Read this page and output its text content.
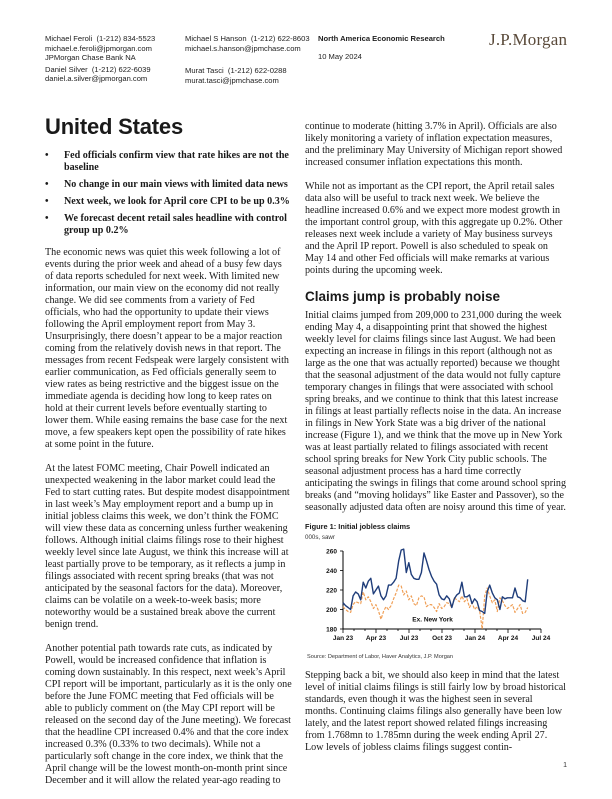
Michael Feroli (1-212) 834-5523
michael.e.feroli@jpmorgan.com
JPMorgan Chase Bank NA
Daniel Silver (1-212) 622-6039
daniel.a.silver@jpmorgan.com
Michael S Hanson (1-212) 622-8603
michael.s.hanson@jpmchase.com
Murat Tasci (1-212) 622-0288
murat.tasci@jpmchase.com
North America Economic Research
10 May 2024
J.P.Morgan
United States
• Fed officials confirm view that rate hikes are not the baseline
• No change in our main views with limited data news
• Next week, we look for April core CPI to be up 0.3%
• We forecast decent retail sales headline with control group up 0.2%

The economic news was quiet this week following a lot of events during the prior week and ahead of a busy few days of data reports scheduled for next week. With limited new information, our main view on the economy did not really change. We did see comments from a variety of Fed officials, who had the opportunity to update their views following the April employment report from May 3. Unsurprisingly, there doesn’t appear to be a major reaction coming from the relatively dovish news in that report. The messages from recent Fedspeak were largely consistent with earlier communication, as Fed officials generally seem to view rates as being restrictive and the biggest issue on the immediate agenda is deciding how long to keep rates on hold at their current levels before eventually starting to lower them. While easing remains the base case for the next move, a few speakers kept open the possibility of rate hikes at some point in the future.

At the latest FOMC meeting, Chair Powell indicated an unexpected weakening in the labor market could lead the Fed to start cutting rates. But despite modest disappointment in last week’s May employment report and a bump up in initial jobless claims this week, we don’t think the FOMC will view these data as concerning unless further weakening follows. Although initial claims filings rose to their highest weekly level since late August, we think this increase will at least partially prove to be temporary, as it reflects a jump in filings associated with recent spring breaks (that was not anticipated by the seasonal factors for the data). Moreover, claims can be volatile on a week-to-week basis; more noteworthy would be a sustained break above the current benign trend.

Another potential path towards rate cuts, as indicated by Powell, would be increased confidence that inflation is coming down sustainably. In this respect, next week’s April CPI report will be important, particularly as it is the only one before the June FOMC meeting that Fed officials will be able to publicly comment on (the May CPI report will be released on the second day of the June meeting). We forecast that the headline CPI increased 0.4% and that the core index increased 0.3% (0.33% to two decimals). While not a particularly soft change in the core index, we think that the April change will be the lowest month-on-month print since December and it will allow the related year-ago reading to

continue to moderate (hitting 3.7% in April). Officials are also likely monitoring a variety of inflation expectation measures, and the preliminary May University of Michigan report showed increased consumer inflation expectations this month.

While not as important as the CPI report, the April retail sales data also will be useful to track next week. We believe the headline increased 0.6% and we expect more modest growth in the important control group, with this aggregate up 0.2%. Other releases next week include a variety of May business surveys and the April IP report. Powell is also scheduled to speak on May 14 and other Fed officials will make remarks at various points during the upcoming week.

Claims jump is probably noise

Initial claims jumped from 209,000 to 231,000 during the week ending May 4, a disappointing print that showed the highest weekly level for claims filings since last August. We had been expecting an increase in filings in this report (although not as large as the one that was actually reported) because we thought that the seasonal adjustment of the data would not fully capture temporary changes in filings that were associated with school spring breaks, and we continue to think that this latest increase in filings at least partially reflects noise in the data. An increase in filings in New York State was a big driver of the national increase (Figure 1), and we think that the move up in New York was at least partially related to filings associated with recent school spring breaks for New York City public schools. The seasonal adjustment process has a hard time correctly anticipating the swings in filings that come around school spring breaks (and “moving holidays” like Easter and Passover), so the seasonally adjusted data often are noisy around this time of year.

Figure 1: Initial jobless claims
000s, sawr
180
200
220
240
260
Jan 23 Apr 23 Jul 23 Oct 23 Jan 24 Apr 24 Jul 24
Ex. New York
Source: Department of Labor, Haver Analytics, J.P. Morgan

Stepping back a bit, we should also keep in mind that the latest level of initial claims filings is still fairly low by broad historical standards, even though it was the highest seen in several months. Continuing claims filings also generally have been low lately, and the latest report showed related filings increasing from 1.768mn to 1.785mn during the week ending April 27. Low levels of jobless claims filings suggest contin-

1
